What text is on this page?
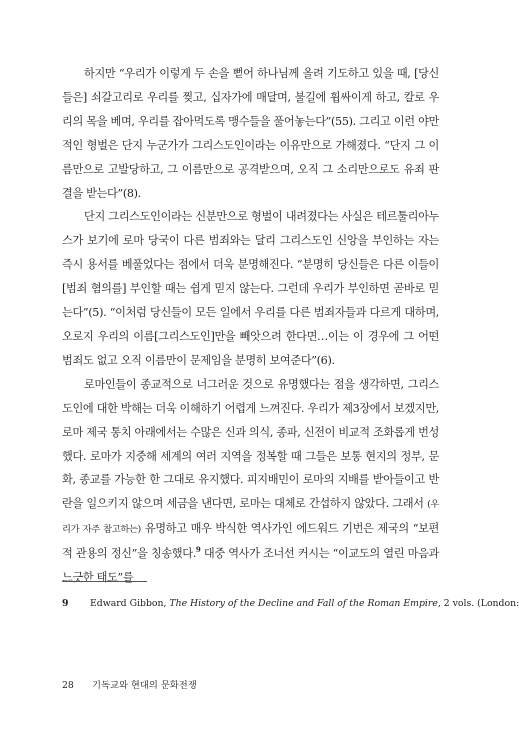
하지만 “우리가 이렇게 두 손을 뻗어 하나님께 올려 기도하고 있을 때, [당신들은] 쇠갈고리로 우리를 찢고, 십자가에 매달며, 불길에 휩싸이게 하고, 칼로 우리의 목을 베며, 우리를 잡아먹도록 맹수들을 풀어놓는다”(55). 그리고 이런 야만적인 형벌은 단지 누군가가 그리스도인이라는 이유만으로 가해졌다. “단지 그 이름만으로 고발당하고, 그 이름만으로 공격받으며, 오직 그 소리만으로도 유죄 판결을 받는다”(8).

단지 그리스도인이라는 신분만으로 형벌이 내려졌다는 사실은 테르툴리아누스가 보기에 로마 당국이 다른 범죄와는 달리 그리스도인 신앙을 부인하는 자는 즉시 용서를 베풀었다는 점에서 더욱 분명해진다. “분명히 당신들은 다른 이들이 [범죄 혐의를] 부인할 때는 쉽게 믿지 않는다. 그런데 우리가 부인하면 곧바로 믿는다”(5). “이처럼 당신들이 모든 일에서 우리를 다른 범죄자들과 다르게 대하며, 오로지 우리의 이름[그리스도인]만을 빼앗으려 한다면…이는 이 경우에 그 어떤 범죄도 없고 오직 이름만이 문제임을 분명히 보여준다”(6).

로마인들이 종교적으로 너그러운 것으로 유명했다는 점을 생각하면, 그리스도인에 대한 박해는 더욱 이해하기 어렵게 느껴진다. 우리가 제3장에서 보겠지만, 로마 제국 통치 아래에서는 수많은 신과 의식, 종파, 신전이 비교적 조화롭게 번성했다. 로마가 지중해 세계의 여러 지역을 정복할 때 그들은 보통 현지의 정부, 문화, 종교를 가능한 한 그대로 유지했다. 피지배민이 로마의 지배를 받아들이고 반란을 일으키지 않으며 세금을 낸다면, 로마는 대체로 간섭하지 않았다. 그래서 (우리가 자주 참고하는) 유명하고 매우 박식한 역사가인 에드워드 기번은 제국의 “보편적 관용의 정신”을 칭송했다.$^9$ 대중 역사가 조너선 커시는 “이교도의 열린 마음과 느긋한 태도”를

9 Edward Gibbon, The History of the Decline and Fall of the Roman Empire, 2 vols. (London:
28 기독교와 현대의 문화전쟁
